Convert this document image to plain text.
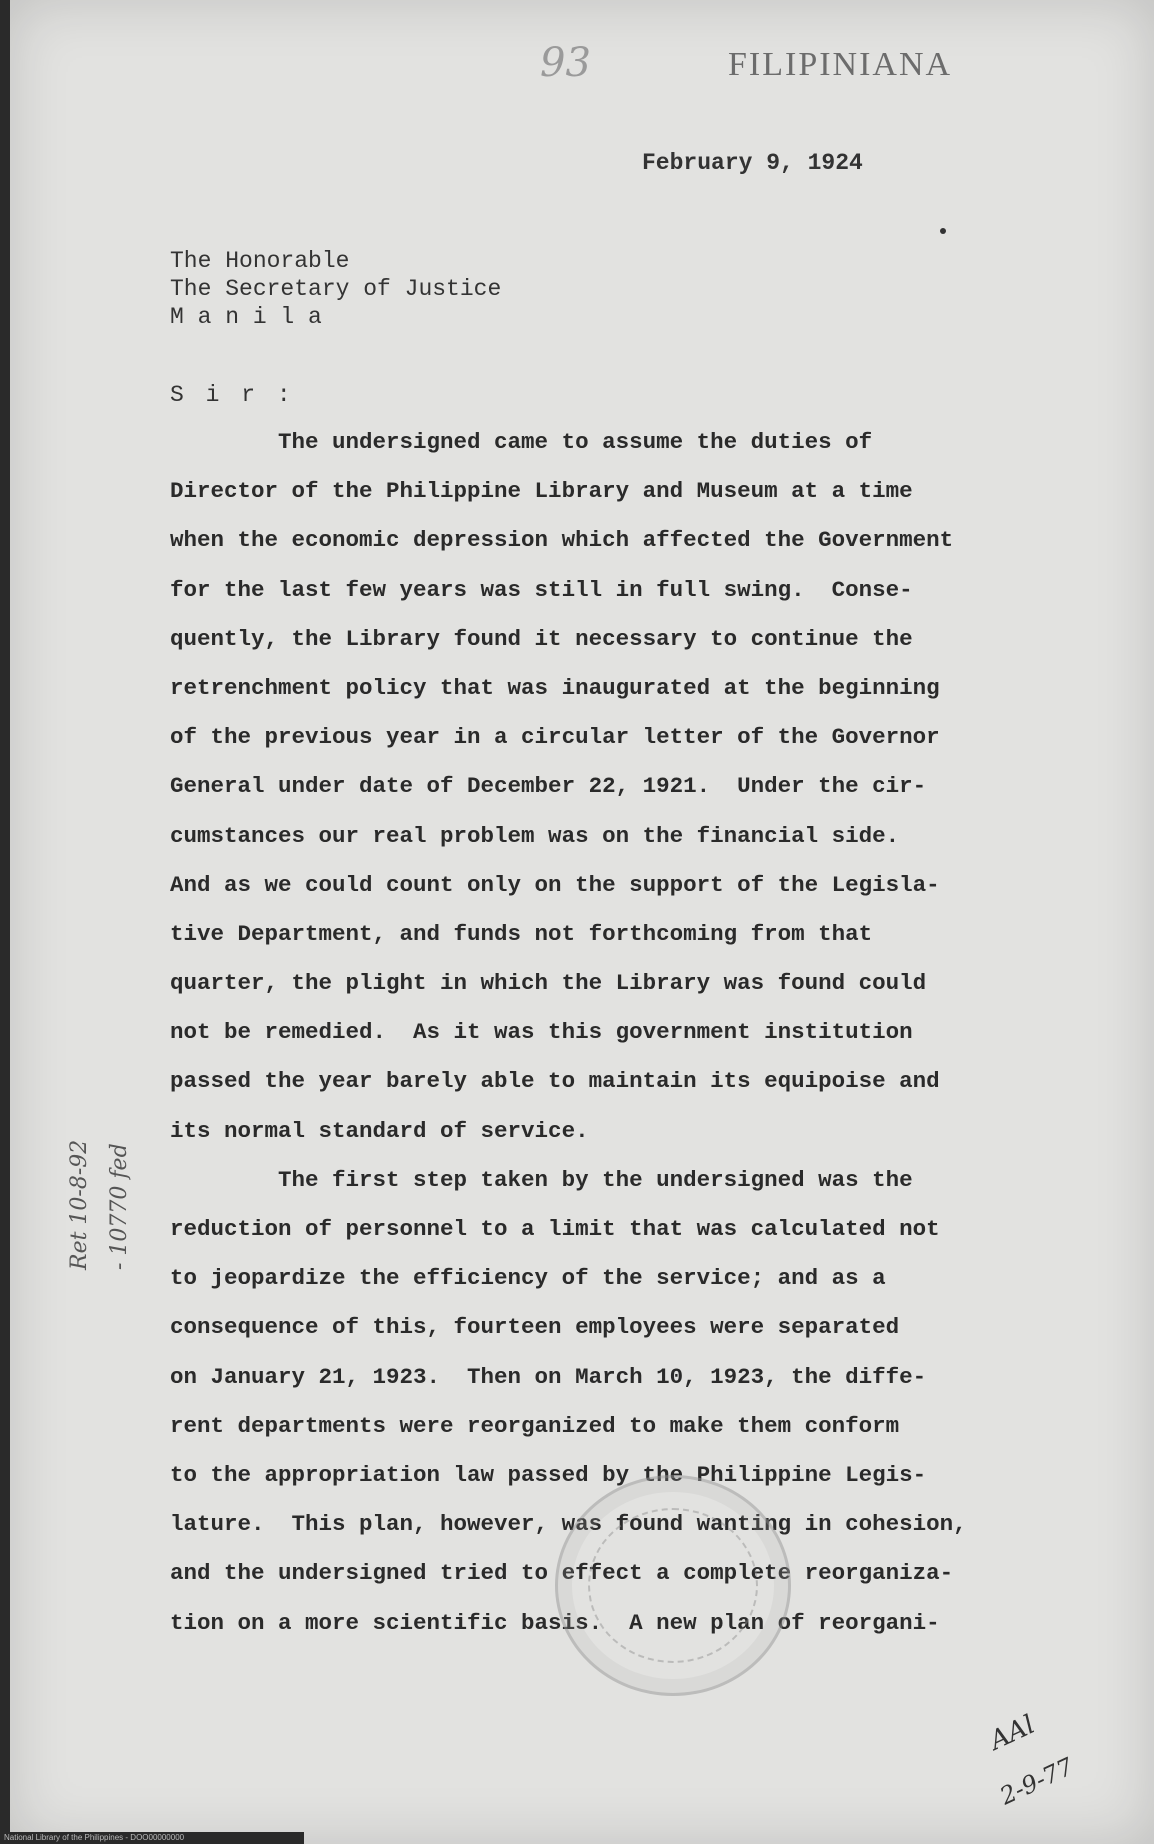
93	FILIPINIANA
February 9, 1924
The Honorable
The Secretary of Justice
M a n i l a
S i r :
The undersigned came to assume the duties of
Director of the Philippine Library and Museum at a time
when the economic depression which affected the Government
for the last few years was still in full swing.  Conse-
quently, the Library found it necessary to continue the
retrenchment policy that was inaugurated at the beginning
of the previous year in a circular letter of the Governor
General under date of December 22, 1921.  Under the cir-
cumstances our real problem was on the financial side.
And as we could count only on the support of the Legisla-
tive Department, and funds not forthcoming from that
quarter, the plight in which the Library was found could
not be remedied.  As it was this government institution
passed the year barely able to maintain its equipoise and
its normal standard of service.
The first step taken by the undersigned was the
reduction of personnel to a limit that was calculated not
to jeopardize the efficiency of the service; and as a
consequence of this, fourteen employees were separated
on January 21, 1923.  Then on March 10, 1923, the diffe-
rent departments were reorganized to make them conform
to the appropriation law passed by the Philippine Legis-
lature.  This plan, however, was found wanting in cohesion,
and the undersigned tried to effect a complete reorganiza-
tion on a more scientific basis.  A new plan of reorgani-
Ret 10-8-92 - 10770 fed
AAl
2-9-77
National Library of the Philippines - DOO00000000
